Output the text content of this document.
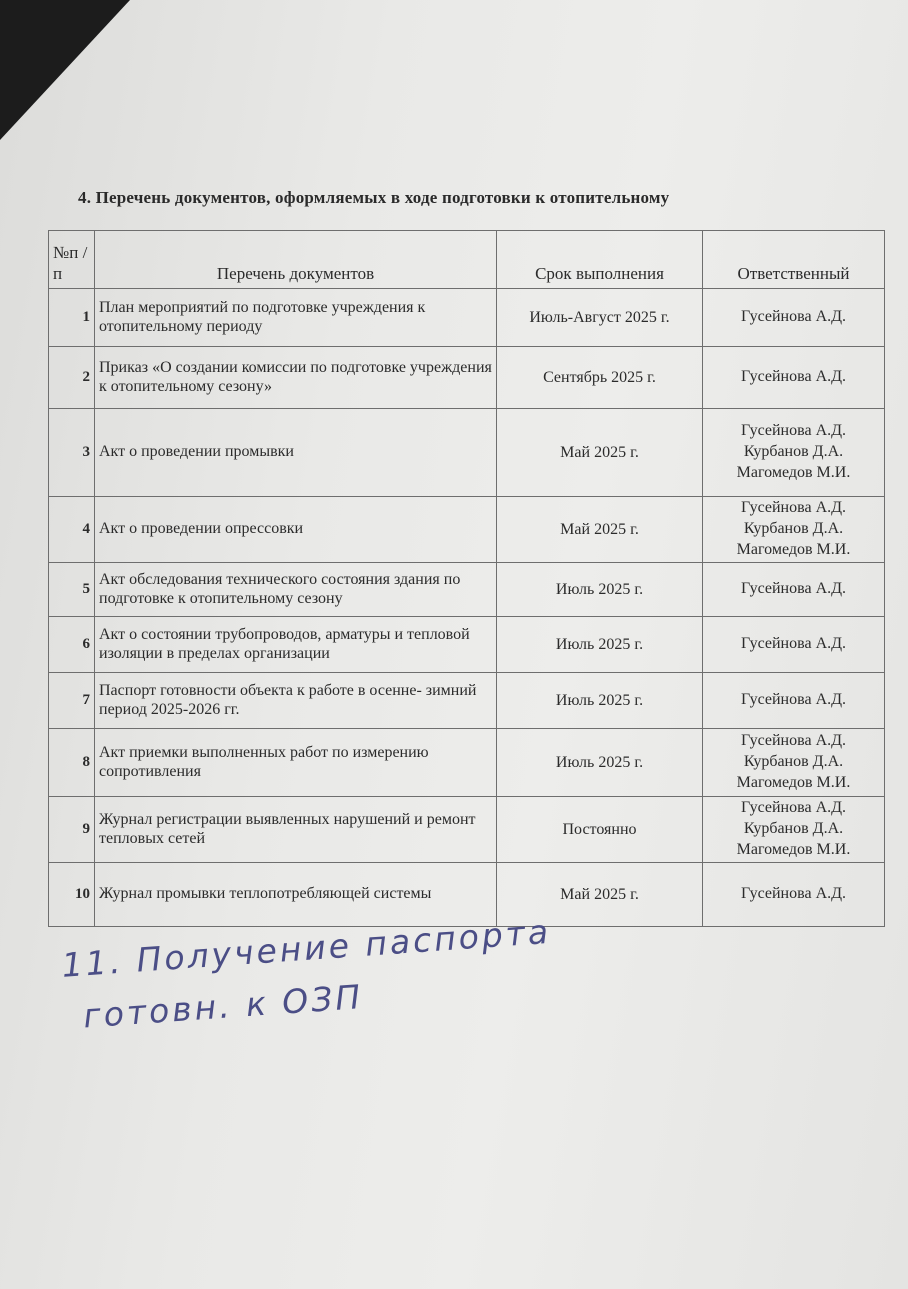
4. Перечень документов, оформляемых в ходе подготовки к отопительному
№п /п	Перечень документов	Срок выполнения	Ответственный
1	План мероприятий по подготовке учреждения к отопительному периоду	Июль-Август 2025 г.	Гусейнова А.Д.

2	Приказ «О создании комиссии по подготовке учреждения к отопительному сезону»	Сентябрь 2025 г.	Гусейнова А.Д.

3	Акт о проведении промывки	Май 2025 г.	Гусейнова А.Д.
Курбанов Д.А.
Магомедов М.И.

4	Акт о проведении опрессовки	Май 2025 г.	Гусейнова А.Д.
Курбанов Д.А.
Магомедов М.И.

5	Акт обследования технического состояния здания по подготовке к отопительному сезону	Июль 2025 г.	Гусейнова А.Д.

6	Акт о состоянии трубопроводов, арматуры и тепловой изоляции в пределах организации	Июль 2025 г.	Гусейнова А.Д.

7	Паспорт готовности объекта к работе в осенне- зимний период 2025-2026 гг.	Июль 2025 г.	Гусейнова А.Д.

8	Акт приемки выполненных работ по измерению сопротивления	Июль 2025 г.	Гусейнова А.Д.
Курбанов Д.А.
Магомедов М.И.

9	Журнал регистрации выявленных нарушений и ремонт тепловых сетей	Постоянно	Гусейнова А.Д.
Курбанов Д.А.
Магомедов М.И.

10	Журнал промывки теплопотребляющей системы	Май 2025 г.	Гусейнова А.Д.
11. Получение паспорта
готовн. к ОЗП
